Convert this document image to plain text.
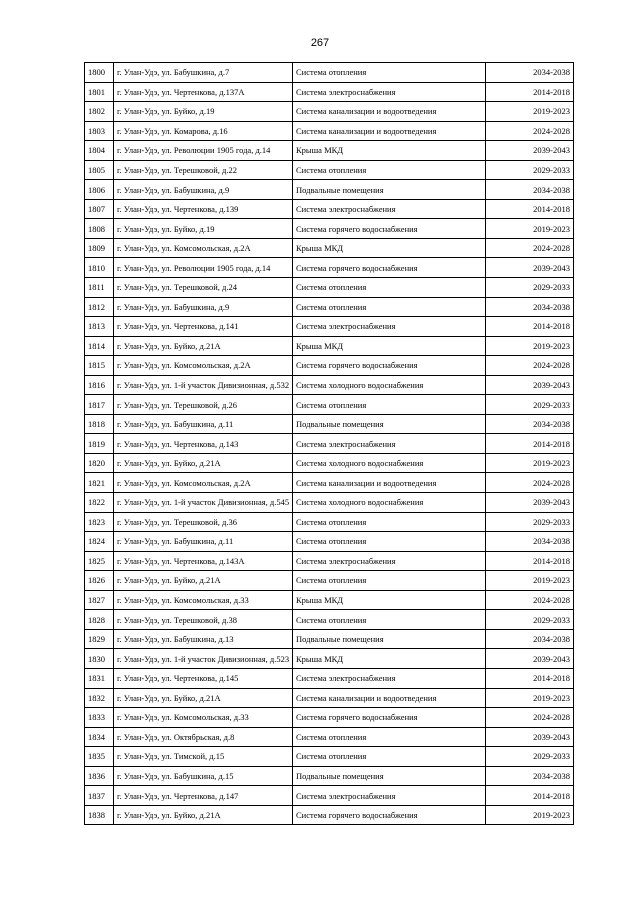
267
1800	г. Улан-Удэ, ул. Бабушкина, д.7	Система отопления	2034-2038
1801	г. Улан-Удэ, ул. Чертенкова, д.137А	Система электроснабжения	2014-2018
1802	г. Улан-Удэ, ул. Буйко, д.19	Система канализации и водоотведения	2019-2023
1803	г. Улан-Удэ, ул. Комарова, д.16	Система канализации и водоотведения	2024-2028
1804	г. Улан-Удэ, ул. Революции 1905 года, д.14	Крыша МКД	2039-2043
1805	г. Улан-Удэ, ул. Терешковой, д.22	Система отопления	2029-2033
1806	г. Улан-Удэ, ул. Бабушкина, д.9	Подвальные помещения	2034-2038
1807	г. Улан-Удэ, ул. Чертенкова, д.139	Система электроснабжения	2014-2018
1808	г. Улан-Удэ, ул. Буйко, д.19	Система горячего водоснабжения	2019-2023
1809	г. Улан-Удэ, ул. Комсомольская, д.2А	Крыша МКД	2024-2028
1810	г. Улан-Удэ, ул. Революции 1905 года, д.14	Система горячего водоснабжения	2039-2043
1811	г. Улан-Удэ, ул. Терешковой, д.24	Система отопления	2029-2033
1812	г. Улан-Удэ, ул. Бабушкина, д.9	Система отопления	2034-2038
1813	г. Улан-Удэ, ул. Чертенкова, д.141	Система электроснабжения	2014-2018
1814	г. Улан-Удэ, ул. Буйко, д.21А	Крыша МКД	2019-2023
1815	г. Улан-Удэ, ул. Комсомольская, д.2А	Система горячего водоснабжения	2024-2028
1816	г. Улан-Удэ, ул. 1-й участок Дивизионная, д.532	Система холодного водоснабжения	2039-2043
1817	г. Улан-Удэ, ул. Терешковой, д.26	Система отопления	2029-2033
1818	г. Улан-Удэ, ул. Бабушкина, д.11	Подвальные помещения	2034-2038
1819	г. Улан-Удэ, ул. Чертенкова, д.143	Система электроснабжения	2014-2018
1820	г. Улан-Удэ, ул. Буйко, д.21А	Система холодного водоснабжения	2019-2023
1821	г. Улан-Удэ, ул. Комсомольская, д.2А	Система канализации и водоотведения	2024-2028
1822	г. Улан-Удэ, ул. 1-й участок Дивизионная, д.545	Система холодного водоснабжения	2039-2043
1823	г. Улан-Удэ, ул. Терешковой, д.36	Система отопления	2029-2033
1824	г. Улан-Удэ, ул. Бабушкина, д.11	Система отопления	2034-2038
1825	г. Улан-Удэ, ул. Чертенкова, д.143А	Система электроснабжения	2014-2018
1826	г. Улан-Удэ, ул. Буйко, д.21А	Система отопления	2019-2023
1827	г. Улан-Удэ, ул. Комсомольская, д.33	Крыша МКД	2024-2028
1828	г. Улан-Удэ, ул. Терешковой, д.38	Система отопления	2029-2033
1829	г. Улан-Удэ, ул. Бабушкина, д.13	Подвальные помещения	2034-2038
1830	г. Улан-Удэ, ул. 1-й участок Дивизионная, д.523	Крыша МКД	2039-2043
1831	г. Улан-Удэ, ул. Чертенкова, д.145	Система электроснабжения	2014-2018
1832	г. Улан-Удэ, ул. Буйко, д.21А	Система канализации и водоотведения	2019-2023
1833	г. Улан-Удэ, ул. Комсомольская, д.33	Система горячего водоснабжения	2024-2028
1834	г. Улан-Удэ, ул. Октябрьская, д.8	Система отопления	2039-2043
1835	г. Улан-Удэ, ул. Тимской, д.15	Система отопления	2029-2033
1836	г. Улан-Удэ, ул. Бабушкина, д.15	Подвальные помещения	2034-2038
1837	г. Улан-Удэ, ул. Чертенкова, д.147	Система электроснабжения	2014-2018
1838	г. Улан-Удэ, ул. Буйко, д.21А	Система горячего водоснабжения	2019-2023
